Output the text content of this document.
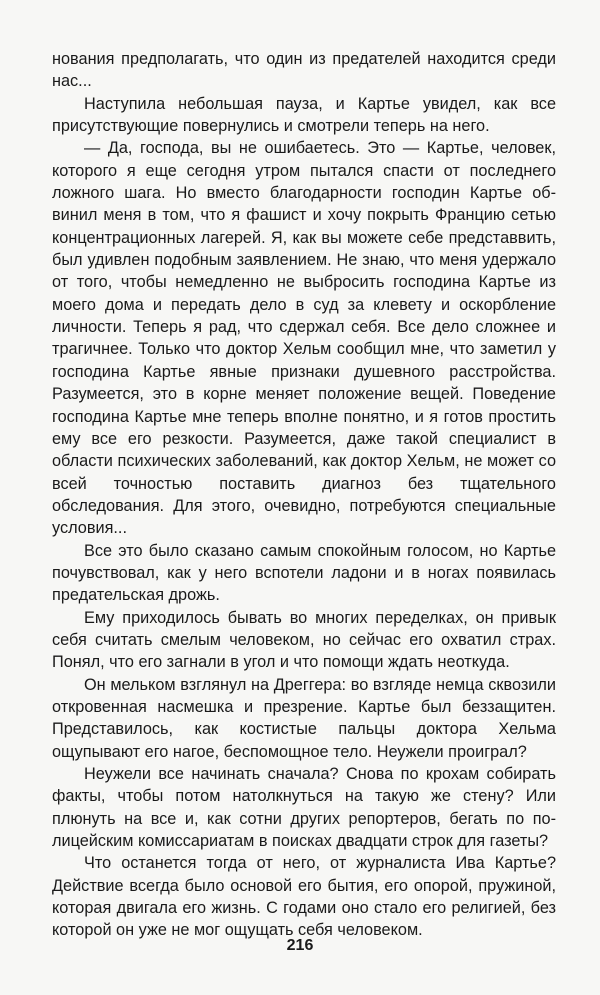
нования предполагать, что один из предателей находится среди нас...

Наступила небольшая пауза, и Картье увидел, как все присутствующие повернулись и смотрели теперь на него.

— Да, господа, вы не ошибаетесь. Это — Картье, человек, которого я еще сегодня утром пытался спасти от последнего ложного шага. Но вместо благодарности господин Картье обвинил меня в том, что я фашист и хочу покрыть Францию сетью концентрационных лагерей. Я, как вы можете себе представвить, был удивлен подобным заявлением. Не знаю, что меня удержало от того, чтобы немедленно не выбросить господина Картье из моего дома и передать дело в суд за клевету и оскорбление личности. Теперь я рад, что сдержал себя. Все дело сложнее и трагичнее. Только что доктор Хельм сообщил мне, что заметил у господина Картье явные признаки душевного расстройства. Разумеется, это в корне меняет положение вещей. Поведение господина Картье мне теперь вполне понятно, и я готов простить ему все его резкости. Разумеется, даже такой специалист в области психических заболеваний, как доктор Хельм, не может со всей точностью поставить диагноз без тщательного обследования. Для этого, очевидно, потребуются специальные условия...

Все это было сказано самым спокойным голосом, но Картье почувствовал, как у него вспотели ладони и в ногах появилась предательская дрожь.

Ему приходилось бывать во многих переделках, он привык себя считать смелым человеком, но сейчас его охватил страх. Понял, что его загнали в угол и что помощи ждать неоткуда.

Он мельком взглянул на Дреггера: во взгляде немца сквозили откровенная насмешка и презрение. Картье был беззащитен. Представилось, как костистые пальцы доктора Хельма ощупывают его нагое, беспомощное тело. Неужели проиграл?

Неужели все начинать сначала? Снова по крохам собирать факты, чтобы потом натолкнуться на такую же стену? Или плюнуть на все и, как сотни других репортеров, бегать по полицейским комиссариатам в поисках двадцати строк для газеты?

Что останется тогда от него, от журналиста Ива Картье? Действие всегда было основой его бытия, его опорой, пружиной, которая двигала его жизнь. С годами оно стало его религией, без которой он уже не мог ощущать себя человеком.

216
